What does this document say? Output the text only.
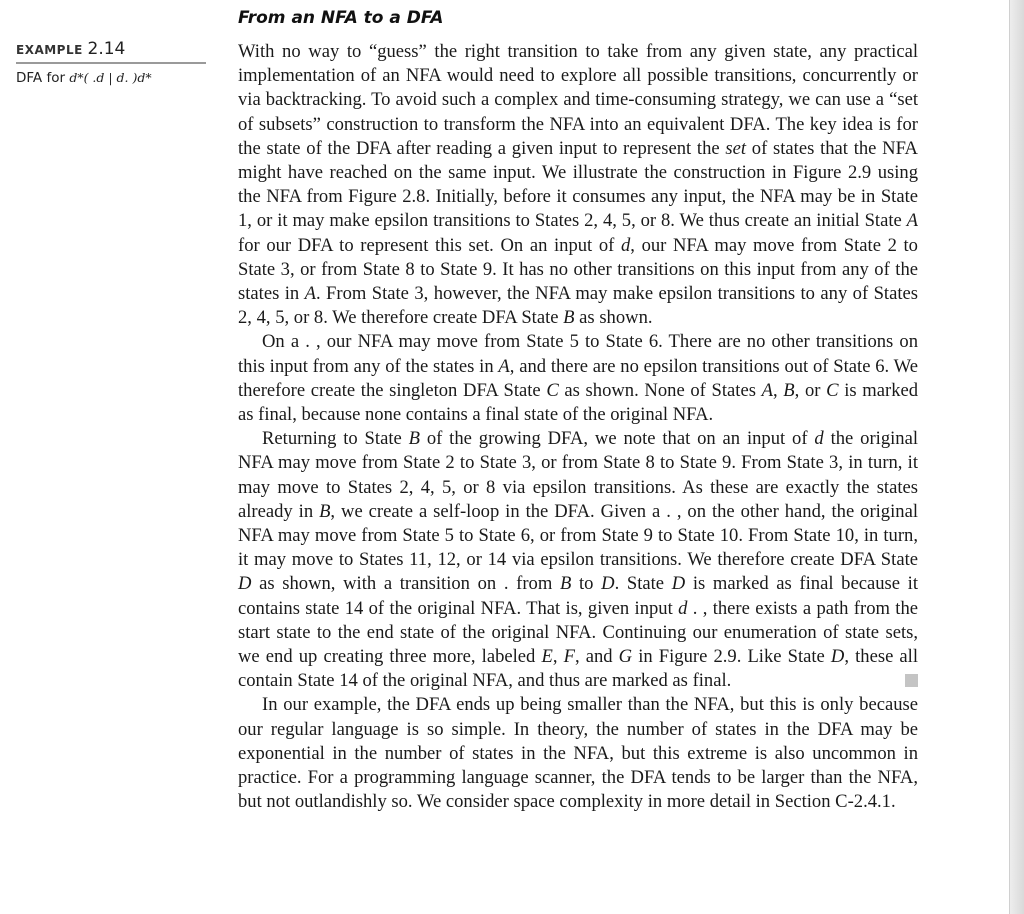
From an NFA to a DFA
EXAMPLE 2.14
DFA for d*( .d | d. )d*

With no way to “guess” the right transition to take from any given state, any practical implementation of an NFA would need to explore all possible transitions, concurrently or via backtracking. To avoid such a complex and time-consuming strategy, we can use a “set of subsets” construction to transform the NFA into an equivalent DFA. The key idea is for the state of the DFA after reading a given input to represent the set of states that the NFA might have reached on the same input. We illustrate the construction in Figure 2.9 using the NFA from Figure 2.8. Initially, before it consumes any input, the NFA may be in State 1, or it may make epsilon transitions to States 2, 4, 5, or 8. We thus create an initial State A for our DFA to represent this set. On an input of d, our NFA may move from State 2 to State 3, or from State 8 to State 9. It has no other transitions on this input from any of the states in A. From State 3, however, the NFA may make epsilon transitions to any of States 2, 4, 5, or 8. We therefore create DFA State B as shown.

On a . , our NFA may move from State 5 to State 6. There are no other transitions on this input from any of the states in A, and there are no epsilon transitions out of State 6. We therefore create the singleton DFA State C as shown. None of States A, B, or C is marked as final, because none contains a final state of the original NFA.

Returning to State B of the growing DFA, we note that on an input of d the original NFA may move from State 2 to State 3, or from State 8 to State 9. From State 3, in turn, it may move to States 2, 4, 5, or 8 via epsilon transitions. As these are exactly the states already in B, we create a self-loop in the DFA. Given a . , on the other hand, the original NFA may move from State 5 to State 6, or from State 9 to State 10. From State 10, in turn, it may move to States 11, 12, or 14 via epsilon transitions. We therefore create DFA State D as shown, with a transition on . from B to D. State D is marked as final because it contains state 14 of the original NFA. That is, given input d . , there exists a path from the start state to the end state of the original NFA. Continuing our enumeration of state sets, we end up creating three more, labeled E, F, and G in Figure 2.9. Like State D, these all contain State 14 of the original NFA, and thus are marked as final.

In our example, the DFA ends up being smaller than the NFA, but this is only because our regular language is so simple. In theory, the number of states in the DFA may be exponential in the number of states in the NFA, but this extreme is also uncommon in practice. For a programming language scanner, the DFA tends to be larger than the NFA, but not outlandishly so. We consider space complexity in more detail in Section C-2.4.1.
